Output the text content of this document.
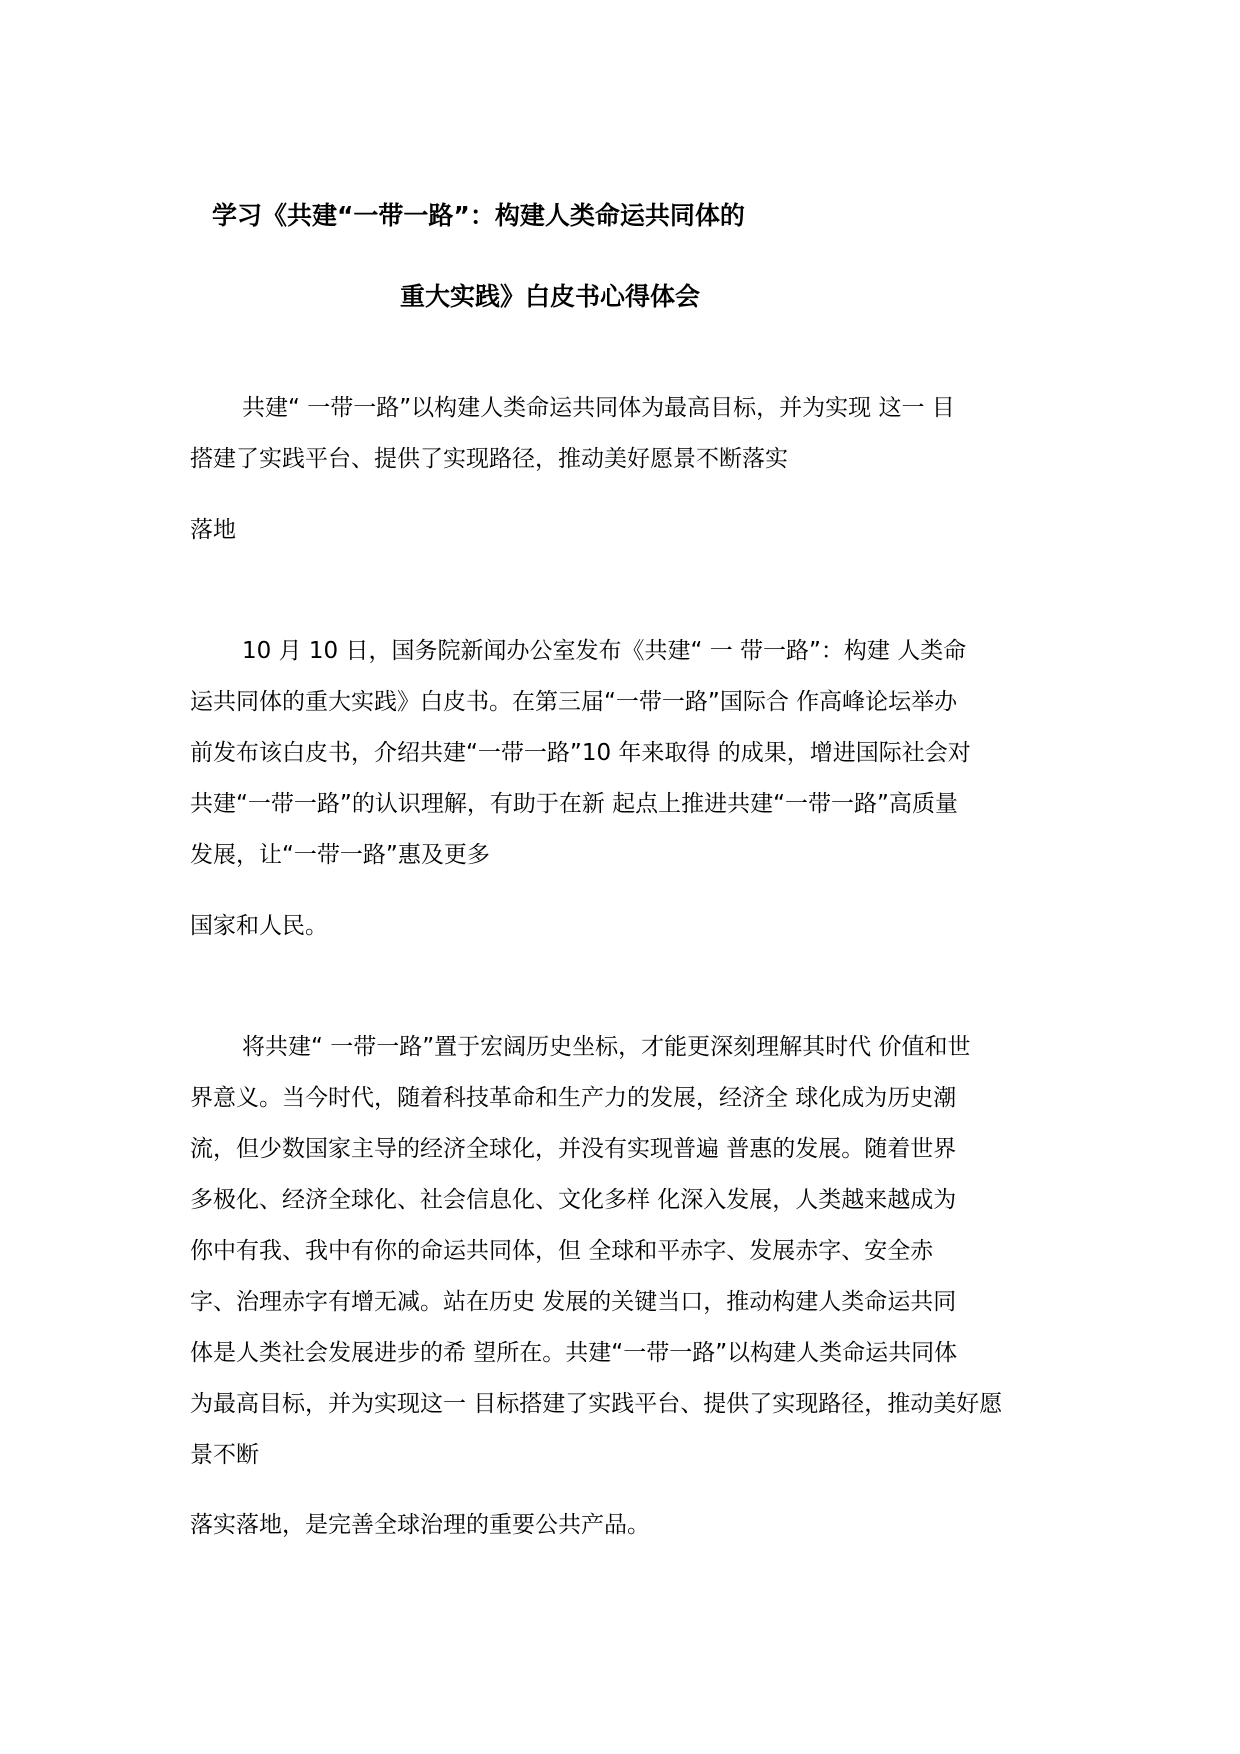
学习《共建“一带一路”：构建人类命运共同体的

重大实践》白皮书心得体会

共建“ 一带一路”以构建人类命运共同体为最高目标，并为实现 这一 目
搭建了实践平台、提供了实现路径，推动美好愿景不断落实

落地

10 月 10 日，国务院新闻办公室发布《共建“ 一 带一路”：构建 人类命
运共同体的重大实践》白皮书。在第三届“一带一路”国际合 作高峰论坛举办
前发布该白皮书，介绍共建“一带一路”10 年来取得 的成果，增进国际社会对
共建“一带一路”的认识理解，有助于在新 起点上推进共建“一带一路”高质量
发展，让“一带一路”惠及更多

国家和人民。

将共建“ 一带一路”置于宏阔历史坐标，才能更深刻理解其时代 价值和世
界意义。当今时代，随着科技革命和生产力的发展，经济全 球化成为历史潮
流，但少数国家主导的经济全球化，并没有实现普遍 普惠的发展。随着世界
多极化、经济全球化、社会信息化、文化多样 化深入发展，人类越来越成为
你中有我、我中有你的命运共同体，但 全球和平赤字、发展赤字、安全赤
字、治理赤字有增无减。站在历史 发展的关键当口，推动构建人类命运共同
体是人类社会发展进步的希 望所在。共建“一带一路”以构建人类命运共同体
为最高目标，并为实现这一 目标搭建了实践平台、提供了实现路径，推动美好愿
景不断

落实落地，是完善全球治理的重要公共产品。
